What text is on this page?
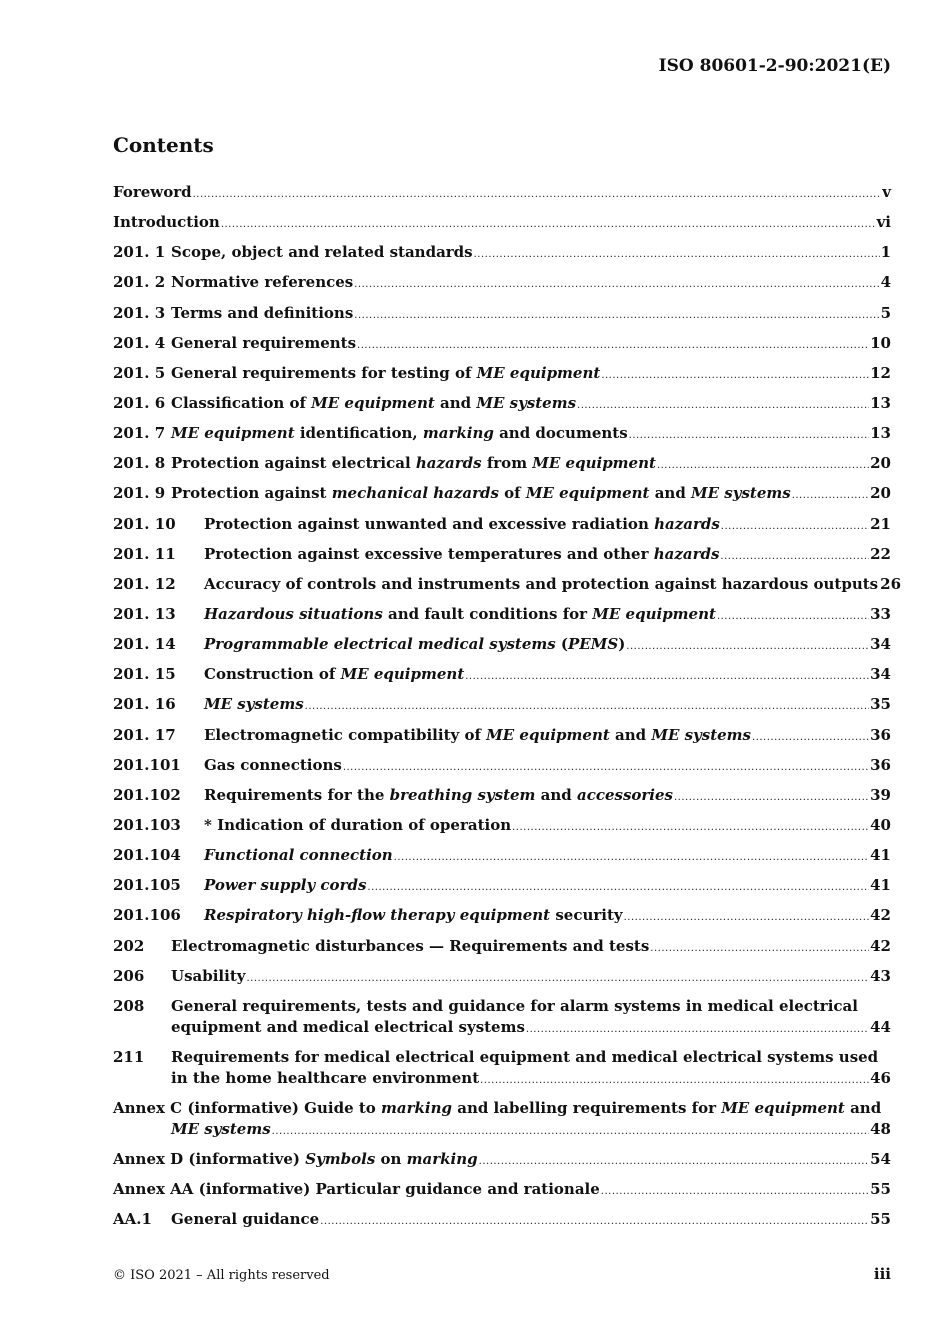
ISO 80601-2-90:2021(E)
Contents
Foreword .....	v
Introduction .....	vi
201. 1 Scope, object and related standards .....	1
201. 2 Normative references .....	4
201. 3 Terms and definitions .....	5
201. 4 General requirements .....	10
201. 5 General requirements for testing of ME equipment .....	12
201. 6 Classification of ME equipment and ME systems .....	13
201. 7 ME equipment identification, marking and documents .....	13
201. 8 Protection against electrical hazards from ME equipment .....	20
201. 9 Protection against mechanical hazards of ME equipment and ME systems .....	20
201. 10	Protection against unwanted and excessive radiation hazards .....	21
201. 11	Protection against excessive temperatures and other hazards .....	22
201. 12	Accuracy of controls and instruments and protection against hazardous outputs 26
201. 13	Hazardous situations and fault conditions for ME equipment .....	33
201. 14	Programmable electrical medical systems (PEMS) .....	34
201. 15	Construction of ME equipment .....	34
201. 16	ME systems .....	35
201. 17	Electromagnetic compatibility of ME equipment and ME systems .....	36
201.101	Gas connections .....	36
201.102	Requirements for the breathing system and accessories .....	39
201.103	* Indication of duration of operation .....	40
201.104	Functional connection .....	41
201.105	Power supply cords .....	41
201.106	Respiratory high-flow therapy equipment security .....	42
202	Electromagnetic disturbances — Requirements and tests .....	42
206	Usability .....	43
208	General requirements, tests and guidance for alarm systems in medical electrical
equipment and medical electrical systems .....	44
211	Requirements for medical electrical equipment and medical electrical systems used
in the home healthcare environment .....	46
Annex C (informative) Guide to marking and labelling requirements for ME equipment and
ME systems .....	48
Annex D (informative) Symbols on marking .....	54
Annex AA (informative) Particular guidance and rationale .....	55
AA.1	General guidance .....	55
© ISO 2021 – All rights reserved	iii
